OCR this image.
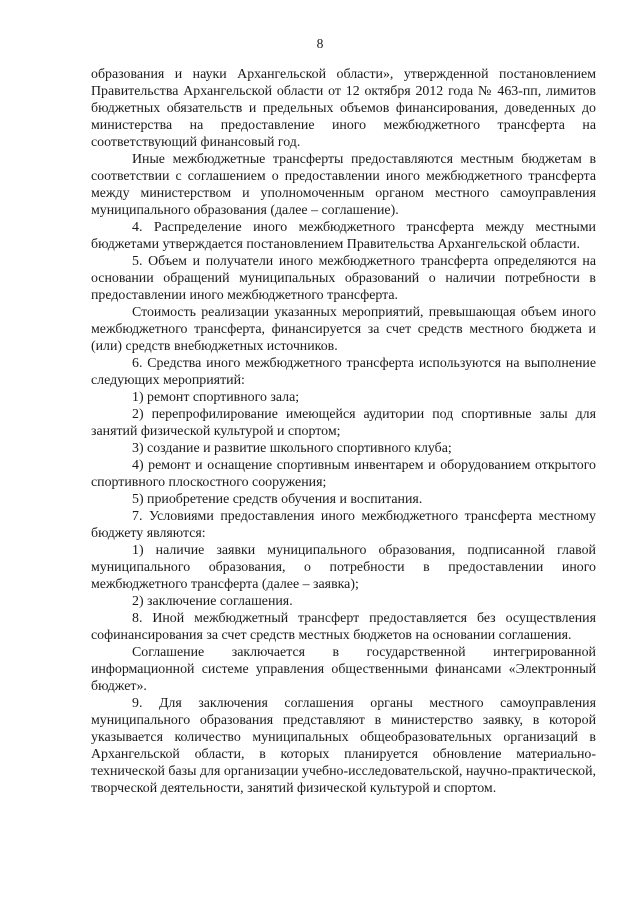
8

образования и науки Архангельской области», утвержденной постановлением Правительства Архангельской области от 12 октября 2012 года № 463-пп, лимитов бюджетных обязательств и предельных объемов финансирования, доведенных до министерства на предоставление иного межбюджетного трансферта на соответствующий финансовый год.

Иные межбюджетные трансферты предоставляются местным бюджетам в соответствии с соглашением о предоставлении иного межбюджетного трансферта между министерством и уполномоченным органом местного самоуправления муниципального образования (далее – соглашение).

4. Распределение иного межбюджетного трансферта между местными бюджетами утверждается постановлением Правительства Архангельской области.

5. Объем и получатели иного межбюджетного трансферта определяются на основании обращений муниципальных образований о наличии потребности в предоставлении иного межбюджетного трансферта.

Стоимость реализации указанных мероприятий, превышающая объем иного межбюджетного трансферта, финансируется за счет средств местного бюджета и (или) средств внебюджетных источников.

6. Средства иного межбюджетного трансферта используются на выполнение следующих мероприятий:

1) ремонт спортивного зала;

2) перепрофилирование имеющейся аудитории под спортивные залы для занятий физической культурой и спортом;

3) создание и развитие школьного спортивного клуба;

4) ремонт и оснащение спортивным инвентарем и оборудованием открытого спортивного плоскостного сооружения;

5) приобретение средств обучения и воспитания.

7. Условиями предоставления иного межбюджетного трансферта местному бюджету являются:

1) наличие заявки муниципального образования, подписанной главой муниципального образования, о потребности в предоставлении иного межбюджетного трансферта (далее – заявка);

2) заключение соглашения.

8. Иной межбюджетный трансферт предоставляется без осуществления софинансирования за счет средств местных бюджетов на основании соглашения.

Соглашение заключается в государственной интегрированной информационной системе управления общественными финансами «Электронный бюджет».

9. Для заключения соглашения органы местного самоуправления муниципального образования представляют в министерство заявку, в которой указывается количество муниципальных общеобразовательных организаций в Архангельской области, в которых планируется обновление материально-технической базы для организации учебно-исследовательской, научно-практической, творческой деятельности, занятий физической культурой и спортом.
